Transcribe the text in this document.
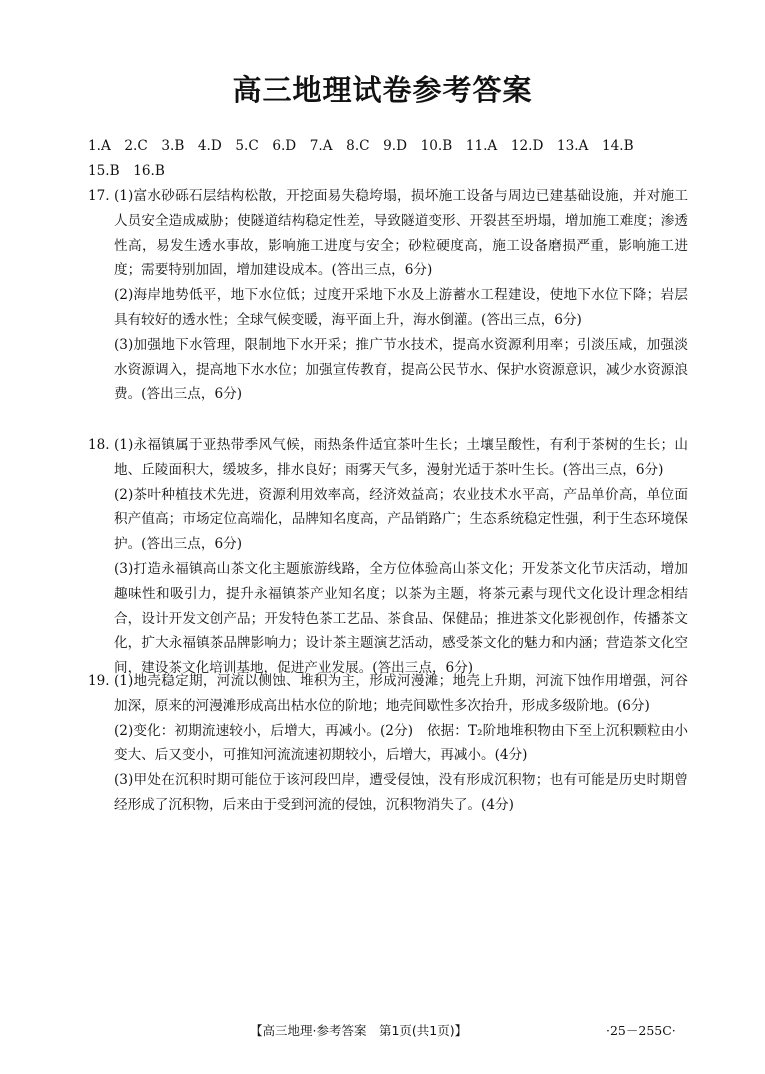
高三地理试卷参考答案
1.A　2.C　3.B　4.D　5.C　6.D　7.A　8.C　9.D　10.B　11.A　12.D　13.A　14.B
15.B　16.B
17. (1)富水砂砾石层结构松散，开挖面易失稳垮塌，损坏施工设备与周边已建基础设施，并对施工人员安全造成威胁；使隧道结构稳定性差，导致隧道变形、开裂甚至坍塌，增加施工难度；渗透性高，易发生透水事故，影响施工进度与安全；砂粒硬度高，施工设备磨损严重，影响施工进度；需要特别加固，增加建设成本。(答出三点，6分)
(2)海岸地势低平，地下水位低；过度开采地下水及上游蓄水工程建设，使地下水位下降；岩层具有较好的透水性；全球气候变暖，海平面上升，海水倒灌。(答出三点，6分)
(3)加强地下水管理，限制地下水开采；推广节水技术，提高水资源利用率；引淡压咸，加强淡水资源调入，提高地下水水位；加强宣传教育，提高公民节水、保护水资源意识，减少水资源浪费。(答出三点，6分)
18. (1)永福镇属于亚热带季风气候，雨热条件适宜茶叶生长；土壤呈酸性，有利于茶树的生长；山地、丘陵面积大，缓坡多，排水良好；雨雾天气多，漫射光适于茶叶生长。(答出三点，6分)
(2)茶叶种植技术先进，资源利用效率高，经济效益高；农业技术水平高，产品单价高，单位面积产值高；市场定位高端化，品牌知名度高，产品销路广；生态系统稳定性强，利于生态环境保护。(答出三点，6分)
(3)打造永福镇高山茶文化主题旅游线路，全方位体验高山茶文化；开发茶文化节庆活动，增加趣味性和吸引力，提升永福镇茶产业知名度；以茶为主题，将茶元素与现代文化设计理念相结合，设计开发文创产品；开发特色茶工艺品、茶食品、保健品；推进茶文化影视创作，传播茶文化，扩大永福镇茶品牌影响力；设计茶主题演艺活动，感受茶文化的魅力和内涵；营造茶文化空间，建设茶文化培训基地，促进产业发展。(答出三点，6分)
19. (1)地壳稳定期，河流以侧蚀、堆积为主，形成河漫滩；地壳上升期，河流下蚀作用增强，河谷加深，原来的河漫滩形成高出枯水位的阶地；地壳间歇性多次抬升，形成多级阶地。(6分)
(2)变化：初期流速较小，后增大，再减小。(2分)　依据：T₂阶地堆积物由下至上沉积颗粒由小变大、后又变小，可推知河流流速初期较小，后增大，再减小。(4分)
(3)甲处在沉积时期可能位于该河段凹岸，遭受侵蚀，没有形成沉积物；也有可能是历史时期曾经形成了沉积物，后来由于受到河流的侵蚀，沉积物消失了。(4分)
【高三地理·参考答案　第1页(共1页)】	·25－255C·
